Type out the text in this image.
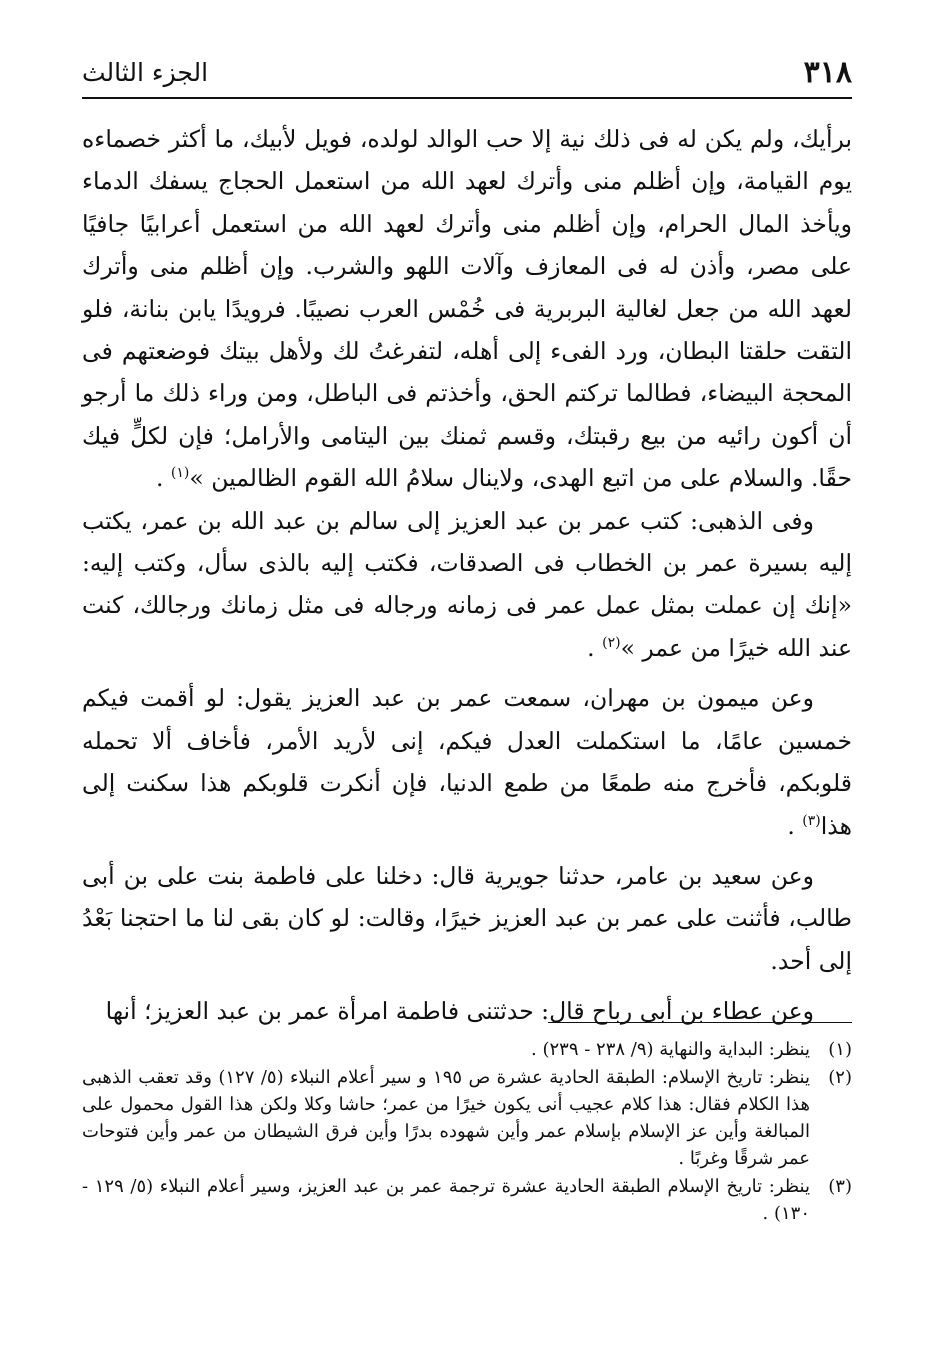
٣١٨
الجزء الثالث

برأيك، ولم يكن له فى ذلك نية إلا حب الوالد لولده، فويل لأبيك، ما أكثر خصماءه يوم القيامة، وإن أظلم منى وأترك لعهد الله من استعمل الحجاج يسفك الدماء ويأخذ المال الحرام، وإن أظلم منى وأترك لعهد الله من استعمل أعرابيًا جافيًا على مصر، وأذن له فى المعازف وآلات اللهو والشرب. وإن أظلم منى وأترك لعهد الله من جعل لغالية البربرية فى خُمْس العرب نصيبًا. فرويدًا يابن بنانة، فلو التقت حلقتا البطان، ورد الفىء إلى أهله، لتفرغتُ لك ولأهل بيتك فوضعتهم فى المحجة البيضاء، فطالما تركتم الحق، وأخذتم فى الباطل، ومن وراء ذلك ما أرجو أن أكون رائيه من بيع رقبتك، وقسم ثمنك بين اليتامى والأرامل؛ فإن لكلٍّ فيك حقًا. والسلام على من اتبع الهدى، ولاينال سلامُ الله القوم الظالمين »$^{(١)}$ .

وفى الذهبى: كتب عمر بن عبد العزيز إلى سالم بن عبد الله بن عمر، يكتب إليه بسيرة عمر بن الخطاب فى الصدقات، فكتب إليه بالذى سأل، وكتب إليه: «إنك إن عملت بمثل عمل عمر فى زمانه ورجاله فى مثل زمانك ورجالك، كنت عند الله خيرًا من عمر »$^{(٢)}$ .

وعن ميمون بن مهران، سمعت عمر بن عبد العزيز يقول: لو أقمت فيكم خمسين عامًا، ما استكملت العدل فيكم، إنى لأريد الأمر، فأخاف ألا تحمله قلوبكم، فأخرج منه طمعًا من طمع الدنيا، فإن أنكرت قلوبكم هذا سكنت إلى هذا$^{(٣)}$ .

وعن سعيد بن عامر، حدثنا جويرية قال: دخلنا على فاطمة بنت على بن أبى طالب، فأثنت على عمر بن عبد العزيز خيرًا، وقالت: لو كان بقى لنا ما احتجنا بَعْدُ إلى أحد.

وعن عطاء بن أبى رباح قال: حدثتنى فاطمة امرأة عمر بن عبد العزيز؛ أنها

(١)
ينظر: البداية والنهاية (٩/ ٢٣٨ - ٢٣٩) .
(٢)
ينظر: تاريخ الإسلام: الطبقة الحادية عشرة ص ١٩٥ و سير أعلام النبلاء (٥/ ١٢٧) وقد تعقب الذهبى هذا الكلام فقال: هذا كلام عجيب أنى يكون خيرًا من عمر؛ حاشا وكلا ولكن هذا القول محمول على المبالغة وأين عز الإسلام بإسلام عمر وأين شهوده بدرًا وأين فرق الشيطان من عمر وأين فتوحات عمر شرقًا وغربًا .
(٣)
ينظر: تاريخ الإسلام الطبقة الحادية عشرة ترجمة عمر بن عبد العزيز، وسير أعلام النبلاء (٥/ ١٢٩ - ١٣٠) .
